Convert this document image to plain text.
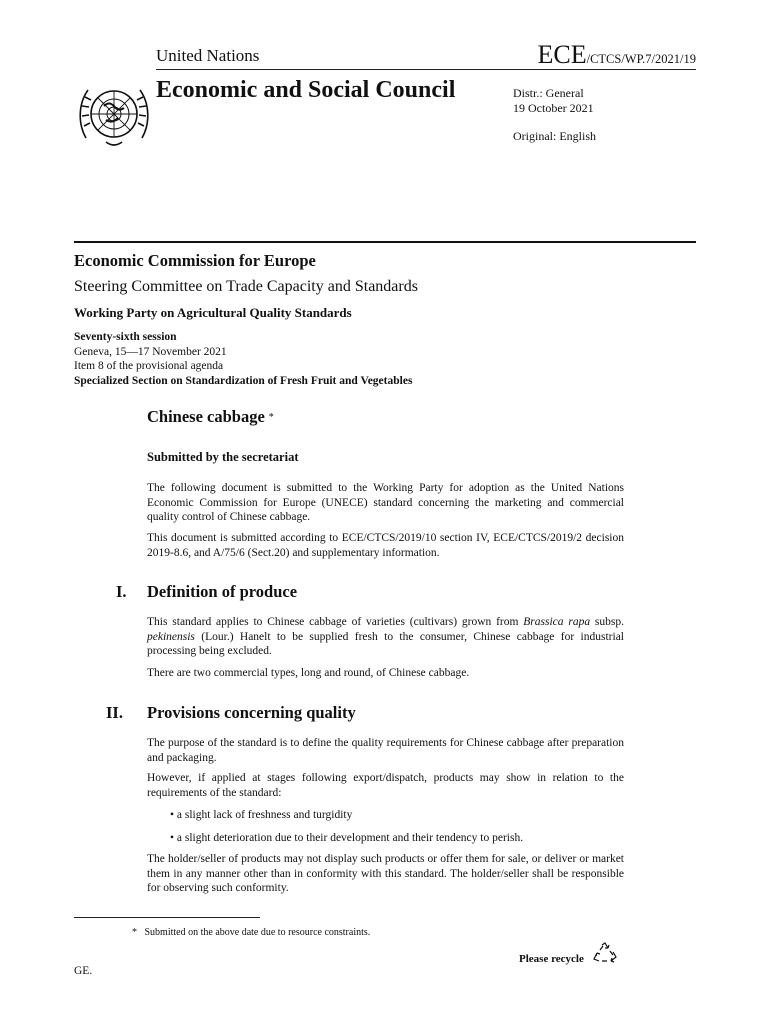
United Nations	ECE/CTCS/WP.7/2021/19
Economic and Social Council	Distr.: General
19 October 2021
Original: English
Economic Commission for Europe
Steering Committee on Trade Capacity and Standards
Working Party on Agricultural Quality Standards
Seventy-sixth session
Geneva, 15—17 November 2021
Item 8 of the provisional agenda
Specialized Section on Standardization of Fresh Fruit and Vegetables
Chinese cabbage *
Submitted by the secretariat
The following document is submitted to the Working Party for adoption as the United Nations Economic Commission for Europe (UNECE) standard concerning the marketing and commercial quality control of Chinese cabbage.
This document is submitted according to ECE/CTCS/2019/10 section IV, ECE/CTCS/2019/2 decision 2019-8.6, and A/75/6 (Sect.20) and supplementary information.
I. Definition of produce
This standard applies to Chinese cabbage of varieties (cultivars) grown from Brassica rapa subsp. pekinensis (Lour.) Hanelt to be supplied fresh to the consumer, Chinese cabbage for industrial processing being excluded.
There are two commercial types, long and round, of Chinese cabbage.
II. Provisions concerning quality
The purpose of the standard is to define the quality requirements for Chinese cabbage after preparation and packaging.
However, if applied at stages following export/dispatch, products may show in relation to the requirements of the standard:
• a slight lack of freshness and turgidity
• a slight deterioration due to their development and their tendency to perish.
The holder/seller of products may not display such products or offer them for sale, or deliver or market them in any manner other than in conformity with this standard. The holder/seller shall be responsible for observing such conformity.
* Submitted on the above date due to resource constraints.
GE.
Please recycle
